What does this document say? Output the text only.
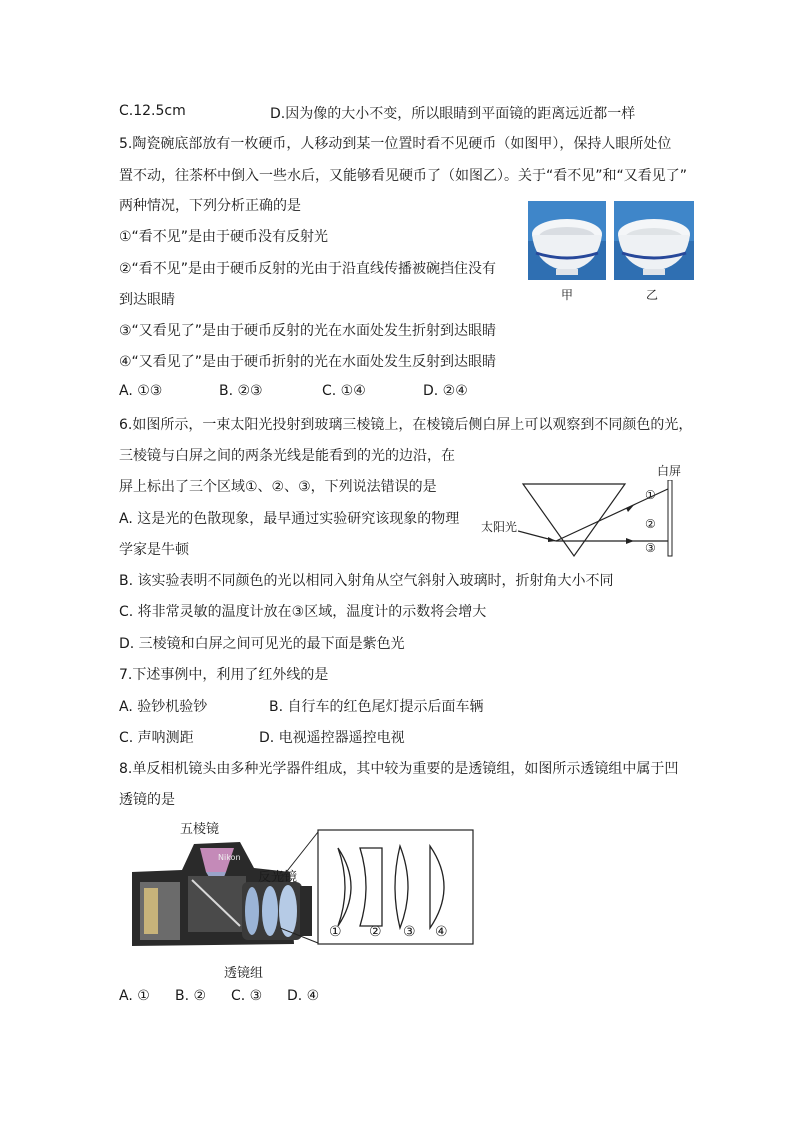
C.12.5cm	D.因为像的大小不变，所以眼睛到平面镜的距离远近都一样
5.陶瓷碗底部放有一枚硬币，人移动到某一位置时看不见硬币（如图甲），保持人眼所处位
置不动，往茶杯中倒入一些水后，又能够看见硬币了（如图乙）。关于“看不见”和“又看见了”
两种情况，下列分析正确的是
①“看不见”是由于硬币没有反射光
②“看不见”是由于硬币反射的光由于沿直线传播被碗挡住没有
到达眼睛
③“又看见了”是由于硬币反射的光在水面处发生折射到达眼睛
④“又看见了”是由于硬币折射的光在水面处发生反射到达眼睛
A. ①③	B. ②③	C. ①④	D. ②④
甲	乙
6.如图所示，一束太阳光投射到玻璃三棱镜上，在棱镜后侧白屏上可以观察到不同颜色的光，
三棱镜与白屏之间的两条光线是能看到的光的边沿，在
屏上标出了三个区域①、②、③，下列说法错误的是
A. 这是光的色散现象，最早通过实验研究该现象的物理
学家是牛顿
B. 该实验表明不同颜色的光以相同入射角从空气斜射入玻璃时，折射角大小不同
C. 将非常灵敏的温度计放在③区域，温度计的示数将会增大
D. 三棱镜和白屏之间可见光的最下面是紫色光
白屏
太阳光
①
②
③
7.下述事例中，利用了红外线的是
A. 验钞机验钞	B. 自行车的红色尾灯提示后面车辆
C. 声呐测距	D. 电视遥控器遥控电视
8.单反相机镜头由多种光学器件组成，其中较为重要的是透镜组，如图所示透镜组中属于凹
透镜的是
Nikon
五棱镜
反光镜
透镜组
① ② ③ ④
A. ① B. ② C. ③ D. ④
